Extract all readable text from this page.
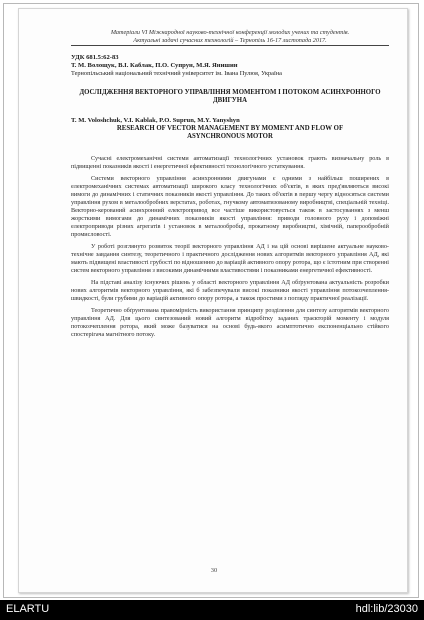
Матеріали VI Міжнародної науково-технічної конференції молодих учених та студентів.
Актуальні задачі сучасних технологій – Тернопіль 16-17 листопада 2017.
УДК 681.5:62-83
Т. М. Волощук, В.І. Каблак, П.О. Супрун, М.Я. Янишин
Тернопільський національний технічний університет ім. Івана Пулюя, Україна
ДОСЛІДЖЕННЯ ВЕКТОРНОГО УПРАВЛІННЯ МОМЕНТОМ І ПОТОКОМ АСИНХРОННОГО ДВИГУНА
T. M. Voloshchuk, V.I. Kablak, P.O. Suprun, M.Y. Yanyshyn
RESEARCH OF VECTOR MANAGEMENT BY MOMENT AND FLOW OF ASYNCHRONOUS MOTOR

Сучасні електромеханічні системи автоматизації технологічних установок грають визначальну роль в підвищенні показників якості і енергетичної ефективності технологічного устаткування.

Системи векторного управління асинхронними двигунами є одними з найбільш поширених в електромеханічних системах автоматизації широкого класу технологічних об'єктів, в яких пред'являються високі вимоги до динамічних і статичних показників якості управління. До таких об'єктів в першу чергу відносяться системи управління рухом в металообробних верстатах, роботах, гнучкому автоматизованому виробництві, спеціальній техніці. Векторно-керований асинхронний електропривод все частіше використовується також в застосуваннях з менш жорсткими вимогами до динамічних показників якості управління: приводи головного руху і допоміжні електроприводи різних агрегатів і установок в металообробці, прокатному виробництві, хімічній, паперообробній промисловості.

У роботі розглянуто розвиток теорії векторного управління АД і на цій основі вирішене актуальне науково-технічне завдання синтезу, теоретичного і практичного дослідження нових алгоритмів векторного управління АД, які мають підвищені властивості грубості по відношенню до варіацій активного опору ротора, що є істотним при створенні систем векторного управління з високими динамічними властивостями і показниками енергетичної ефективності.

На підставі аналізу існуючих рішень у області векторного управління АД обґрунтована актуальність розробки нових алгоритмів векторного управління, які б забезпечували високі показники якості управління потокозчеплення-швидкості, були грубими до варіацій активного опору ротора, а також простими з погляду практичної реалізації.

Теоретично обґрунтована правомірність використання принципу розділення для синтезу алгоритмів векторного управління АД. Для цього синтезований новий алгоритм відробітку заданих траєкторій моменту і модуля потокозчеплення ротора, який може базуватися на основі будь-якого асимптотично експоненціально стійкого спостерігача магнітного потоку.

30
ELARTU	hdl:lib/23030
